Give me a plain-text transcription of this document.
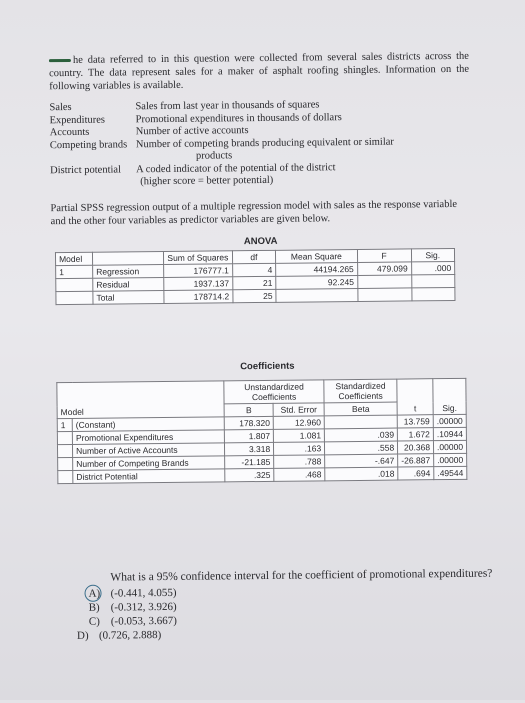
he data referred to in this question were collected from several sales districts across the country. The data represent sales for a maker of asphalt roofing shingles. Information on the following variables is available.
Sales	Sales from last year in thousands of squares
Expenditures	Promotional expenditures in thousands of dollars
Accounts	Number of active accounts
Competing brands Number of competing brands producing equivalent or similar
products
District potential	A coded indicator of the potential of the district
(higher score = better potential)
Partial SPSS regression output of a multiple regression model with sales as the response variable and the other four variables as predictor variables are given below.
ANOVA
Model		Sum of Squares	df	Mean Square	F	Sig.
1	Regression	176777.1	4	44194.265	479.099	.000
	Residual	1937.137	21	92.245		
	Total	178714.2	25			
Coefficients
Model		Unstandardized Coefficients		Standardized Coefficients	t	Sig.
		B	Std. Error	Beta		
1	(Constant)	178.320	12.960		13.759	.00000
	Promotional Expenditures	1.807	1.081	.039	1.672	.10944
	Number of Active Accounts	3.318	.163	.558	20.368	.00000
	Number of Competing Brands	-21.185	.788	-.647	-26.887	.00000
	District Potential	.325	.468	.018	.694	.49544
What is a 95% confidence interval for the coefficient of promotional expenditures?
A) (-0.441, 4.055)
B) (-0.312, 3.926)
C) (-0.053, 3.667)
D) (0.726, 2.888)
